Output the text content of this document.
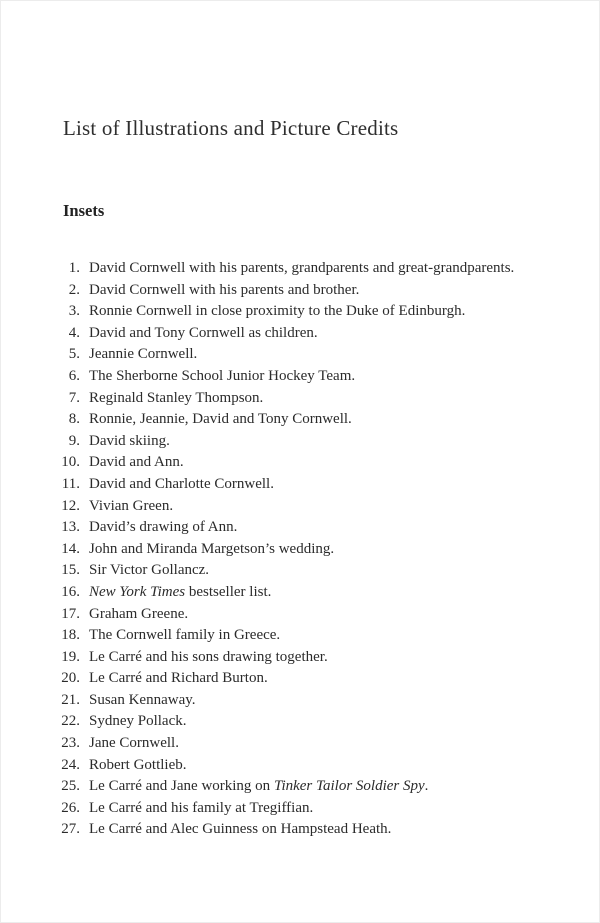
List of Illustrations and Picture Credits
Insets
1. David Cornwell with his parents, grandparents and great-grandparents.
2. David Cornwell with his parents and brother.
3. Ronnie Cornwell in close proximity to the Duke of Edinburgh.
4. David and Tony Cornwell as children.
5. Jeannie Cornwell.
6. The Sherborne School Junior Hockey Team.
7. Reginald Stanley Thompson.
8. Ronnie, Jeannie, David and Tony Cornwell.
9. David skiing.
10. David and Ann.
11. David and Charlotte Cornwell.
12. Vivian Green.
13. David’s drawing of Ann.
14. John and Miranda Margetson’s wedding.
15. Sir Victor Gollancz.
16. New York Times bestseller list.
17. Graham Greene.
18. The Cornwell family in Greece.
19. Le Carré and his sons drawing together.
20. Le Carré and Richard Burton.
21. Susan Kennaway.
22. Sydney Pollack.
23. Jane Cornwell.
24. Robert Gottlieb.
25. Le Carré and Jane working on Tinker Tailor Soldier Spy.
26. Le Carré and his family at Tregiffian.
27. Le Carré and Alec Guinness on Hampstead Heath.
